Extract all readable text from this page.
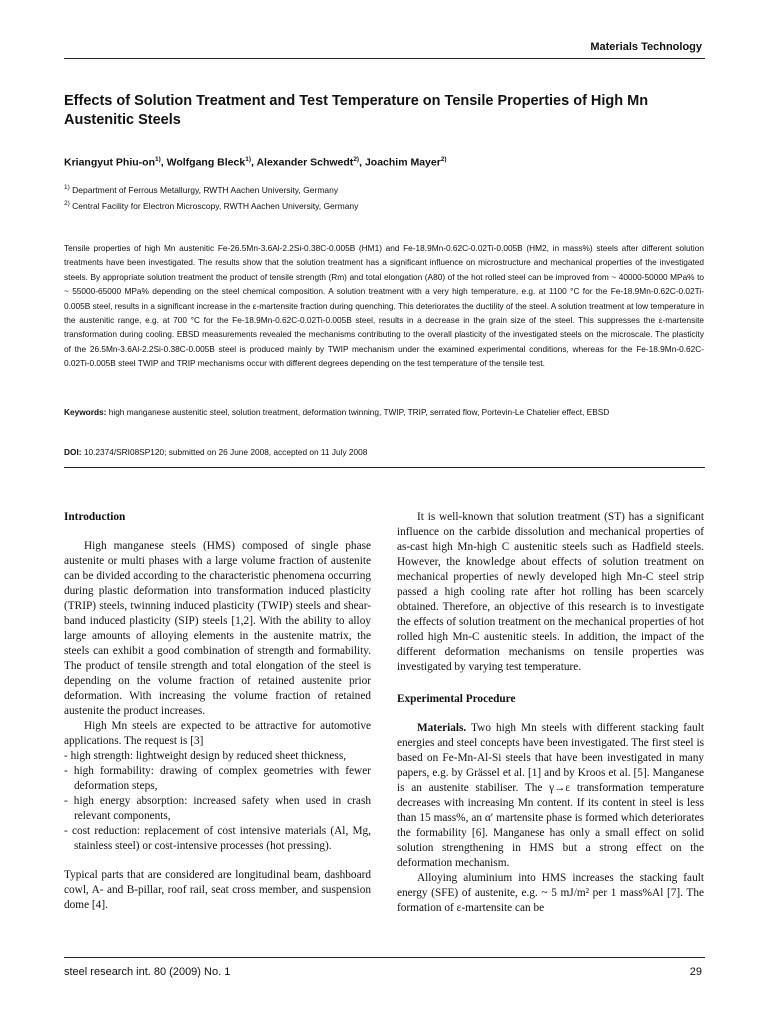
Materials Technology
Effects of Solution Treatment and Test Temperature on Tensile Properties of High Mn Austenitic Steels
Kriangyut Phiu-$on^{1)}$, Wolfgang Bleck$^{1)}$, Alexander Schwedt$^{2)}$, Joachim Mayer$^{2)}$
$^{1)}$ Department of Ferrous Metallurgy, RWTH Aachen University, Germany
$^{2)}$ Central Facility for Electron Microscopy, RWTH Aachen University, Germany
Tensile properties of high Mn austenitic Fe-26.5Mn-3.6Al-2.2Si-0.38C-0.005B (HM1) and Fe-18.9Mn-0.62C-0.02Ti-0.005B (HM2, in mass%) steels after different solution treatments have been investigated. The results show that the solution treatment has a significant influence on microstructure and mechanical properties of the investigated steels. By appropriate solution treatment the product of tensile strength (Rm) and total elongation (A80) of the hot rolled steel can be improved from ~ 40000-50000 MPa% to ~ 55000-65000 MPa% depending on the steel chemical composition. A solution treatment with a very high temperature, e.g. at 1100 °C for the Fe-18.9Mn-0.62C-0.02Ti-0.005B steel, results in a significant increase in the ε-martensite fraction during quenching. This deteriorates the ductility of the steel. A solution treatment at low temperature in the austenitic range, e.g. at 700 °C for the Fe-18.9Mn-0.62C-0.02Ti-0.005B steel, results in a decrease in the grain size of the steel. This suppresses the ε-martensite transformation during cooling. EBSD measurements revealed the mechanisms contributing to the overall plasticity of the investigated steels on the microscale. The plasticity of the 26.5Mn-3.6Al-2.2Si-0.38C-0.005B steel is produced mainly by TWIP mechanism under the examined experimental conditions, whereas for the Fe-18.9Mn-0.62C-0.02Ti-0.005B steel TWIP and TRIP mechanisms occur with different degrees depending on the test temperature of the tensile test.
Keywords: high manganese austenitic steel, solution treatment, deformation twinning, TWIP, TRIP, serrated flow, Portevin-Le Chatelier effect, EBSD
DOI: 10.2374/SRI08SP120; submitted on 26 June 2008, accepted on 11 July 2008
Introduction

High manganese steels (HMS) composed of single phase austenite or multi phases with a large volume fraction of austenite can be divided according to the characteristic phenomena occurring during plastic deformation into transformation induced plasticity (TRIP) steels, twinning induced plasticity (TWIP) steels and shear-band induced plasticity (SIP) steels [1,2]. With the ability to alloy large amounts of alloying elements in the austenite matrix, the steels can exhibit a good combination of strength and formability. The product of tensile strength and total elongation of the steel is depending on the volume fraction of retained austenite prior deformation. With increasing the volume fraction of retained austenite the product increases.

High Mn steels are expected to be attractive for automotive applications. The request is [3]

- high strength: lightweight design by reduced sheet thickness,
- high formability: drawing of complex geometries with fewer deformation steps,
- high energy absorption: increased safety when used in crash relevant components,
- cost reduction: replacement of cost intensive materials (Al, Mg, stainless steel) or cost-intensive processes (hot pressing).

Typical parts that are considered are longitudinal beam, dashboard cowl, A- and B-pillar, roof rail, seat cross member, and suspension dome [4].

It is well-known that solution treatment (ST) has a significant influence on the carbide dissolution and mechanical properties of as-cast high Mn-high C austenitic steels such as Hadfield steels. However, the knowledge about effects of solution treatment on mechanical properties of newly developed high Mn-C steel strip passed a high cooling rate after hot rolling has been scarcely obtained. Therefore, an objective of this research is to investigate the effects of solution treatment on the mechanical properties of hot rolled high Mn-C austenitic steels. In addition, the impact of the different deformation mechanisms on tensile properties was investigated by varying test temperature.

Experimental Procedure

Materials. Two high Mn steels with different stacking fault energies and steel concepts have been investigated. The first steel is based on Fe-Mn-Al-Si steels that have been investigated in many papers, e.g. by Grässel et al. [1] and by Kroos et al. [5]. Manganese is an austenite stabiliser. The γ→ε transformation temperature decreases with increasing Mn content. If its content in steel is less than 15 mass%, an α′ martensite phase is formed which deteriorates the formability [6]. Manganese has only a small effect on solid solution strengthening in HMS but a strong effect on the deformation mechanism.

Alloying aluminium into HMS increases the stacking fault energy (SFE) of austenite, e.g. ~ 5 mJ/m² per 1 mass%Al [7]. The formation of ε-martensite can be

steel research int. 80 (2009) No. 1	29
